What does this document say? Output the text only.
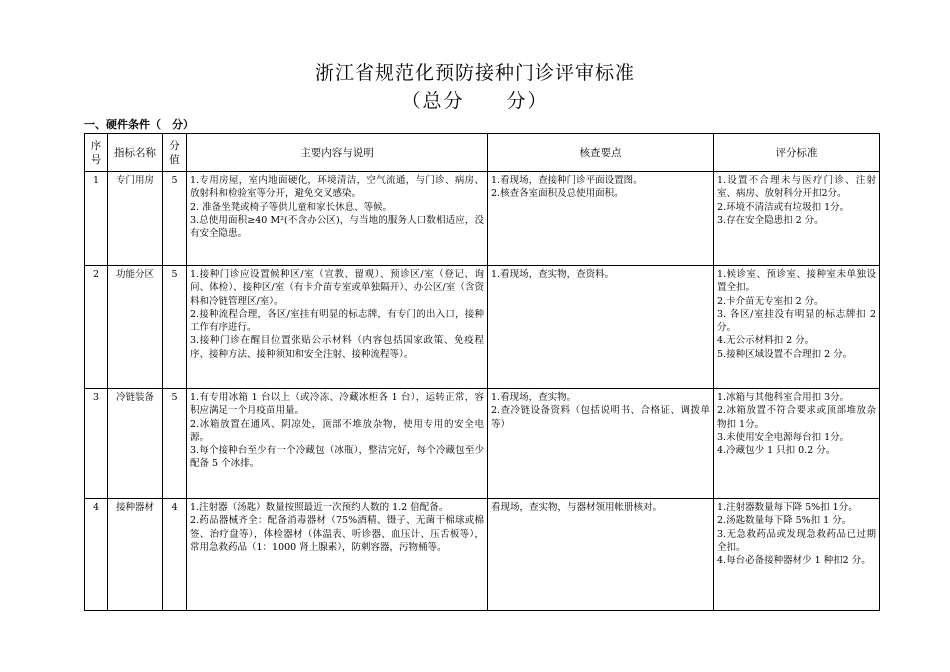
浙江省规范化预防接种门诊评审标准
（总分　　分）
一、硬件条件（　分）
序号	指标名称	分值	主要内容与说明	核查要点	评分标准
1	专门用房	5	1.专用房屋，室内地面硬化，环境清洁，空气流通，与门诊、病房、放射科和检验室等分开，避免交叉感染。
2. 准备坐凳或椅子等供儿童和家长休息、等候。
3.总使用面积≥40 M²(不含办公区)，与当地的服务人口数相适应，没有安全隐患。	1.看现场，查接种门诊平面设置图。
2.核查各室面积及总使用面积。	1.设置不合理未与医疗门诊、注射室、病房、放射科分开扣2分。
2.环境不清洁或有垃圾扣 1分。
3.存在安全隐患扣 2 分。

2	功能分区	5	1.接种门诊应设置候种区/室（宣教、留观）、预诊区/室（登记、询问、体检）、接种区/室（有卡介苗专室或单独隔开）、办公区/室（含资料和冷链管理区/室）。
2.接种流程合理，各区/室挂有明显的标志牌，有专门的出入口，接种工作有序进行。
3.接种门诊在醒目位置张贴公示材料（内容包括国家政策、免疫程序、接种方法、接种须知和安全注射、接种流程等）。	1.看现场，查实物，查资料。	1.候诊室、预诊室、接种室未单独设置全扣。
2.卡介苗无专室扣 2 分。
3. 各区/室挂没有明显的标志牌扣 2 分。
4.无公示材料扣 2 分。
5.接种区域设置不合理扣 2 分。

3	冷链装备	5	1.有专用冰箱 1 台以上（或冷冻、冷藏冰柜各 1 台），运转正常，容积应满足一个月疫苗用量。
2.冰箱放置在通风、阴凉处，顶部不堆放杂物，使用专用的安全电源。
3.每个接种台至少有一个冷藏包（冰瓶），整洁完好，每个冷藏包至少配备 5 个冰排。	1.看现场，查实物。
2.查冷链设备资料（包括说明书、合格证、调拨单等）	1.冰箱与其他科室合用扣 3分。
2.冰箱放置不符合要求或顶部堆放杂物扣 1分。
3.未使用安全电源每台扣 1分。
4.冷藏包少 1 只扣 0.2 分。

4	接种器材	4	1.注射器（汤匙）数量按照最近一次预约人数的 1.2 倍配备。
2.药品器械齐全：配备消毒器材（75%酒精、镊子、无菌干棉球或棉签、治疗盘等），体检器材（体温表、听诊器、血压计、压舌板等），常用急救药品（1：1000 肾上腺素），防刺容器，污物桶等。	看现场，查实物，与器材领用帐册核对。	1.注射器数量每下降 5%扣 1分。
2.汤匙数量每下降 5%扣 1 分。
3.无急救药品或发现急救药品已过期全扣。
4.每台必备接种器材少 1 种扣2 分。
